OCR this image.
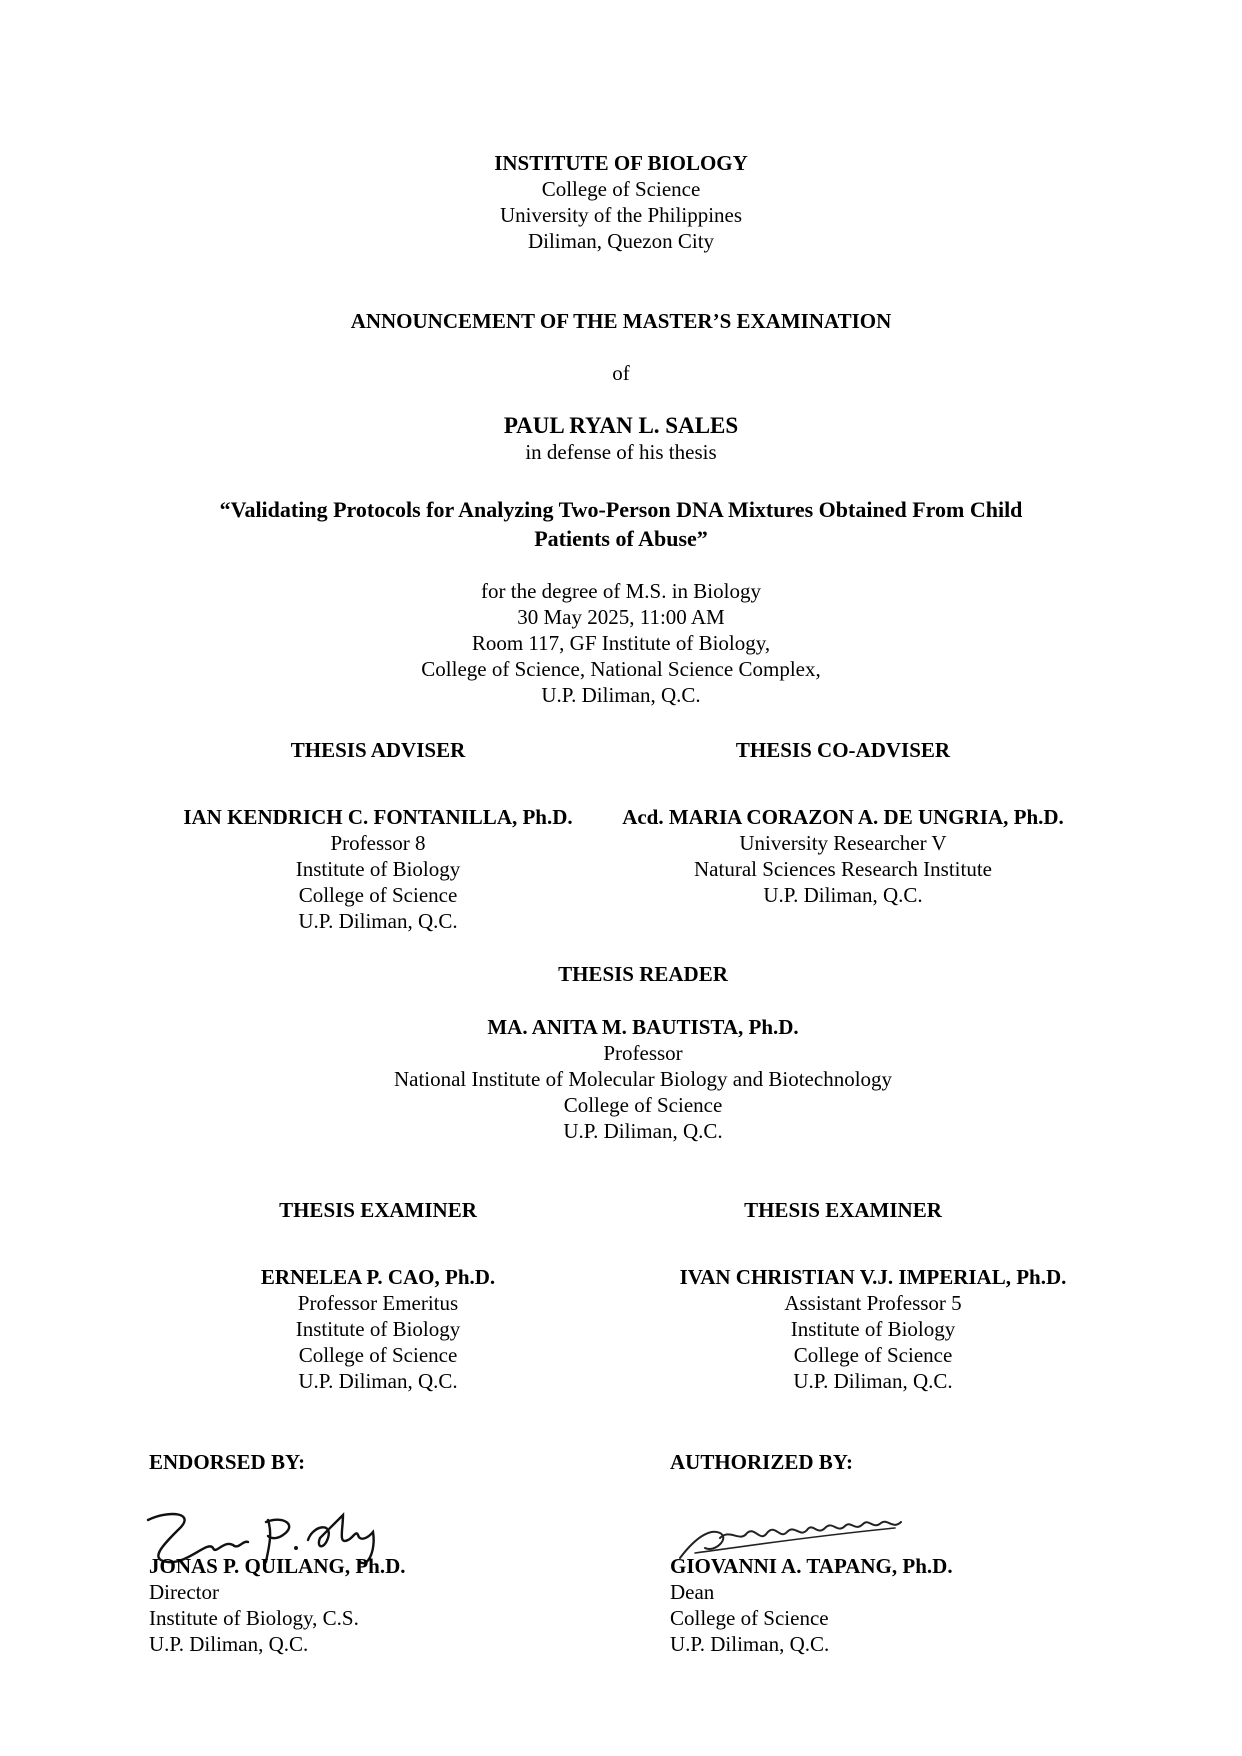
INSTITUTE OF BIOLOGY
College of Science
University of the Philippines
Diliman, Quezon City
ANNOUNCEMENT OF THE MASTER’S EXAMINATION
of
PAUL RYAN L. SALES
in defense of his thesis
“Validating Protocols for Analyzing Two-Person DNA Mixtures Obtained From Child
Patients of Abuse”
for the degree of M.S. in Biology
30 May 2025, 11:00 AM
Room 117, GF Institute of Biology,
College of Science, National Science Complex,
U.P. Diliman, Q.C.
THESIS ADVISER	THESIS CO-ADVISER
IAN KENDRICH C. FONTANILLA, Ph.D.
Professor 8
Institute of Biology
College of Science
U.P. Diliman, Q.C.
Acd. MARIA CORAZON A. DE UNGRIA, Ph.D.
University Researcher V
Natural Sciences Research Institute
U.P. Diliman, Q.C.
THESIS READER
MA. ANITA M. BAUTISTA, Ph.D.
Professor
National Institute of Molecular Biology and Biotechnology
College of Science
U.P. Diliman, Q.C.
THESIS EXAMINER	THESIS EXAMINER
ERNELEA P. CAO, Ph.D.
Professor Emeritus
Institute of Biology
College of Science
U.P. Diliman, Q.C.
IVAN CHRISTIAN V.J. IMPERIAL, Ph.D.
Assistant Professor 5
Institute of Biology
College of Science
U.P. Diliman, Q.C.
ENDORSED BY:	AUTHORIZED BY:
JONAS P. QUILANG, Ph.D.
Director
Institute of Biology, C.S.
U.P. Diliman, Q.C.
GIOVANNI A. TAPANG, Ph.D.
Dean
College of Science
U.P. Diliman, Q.C.
